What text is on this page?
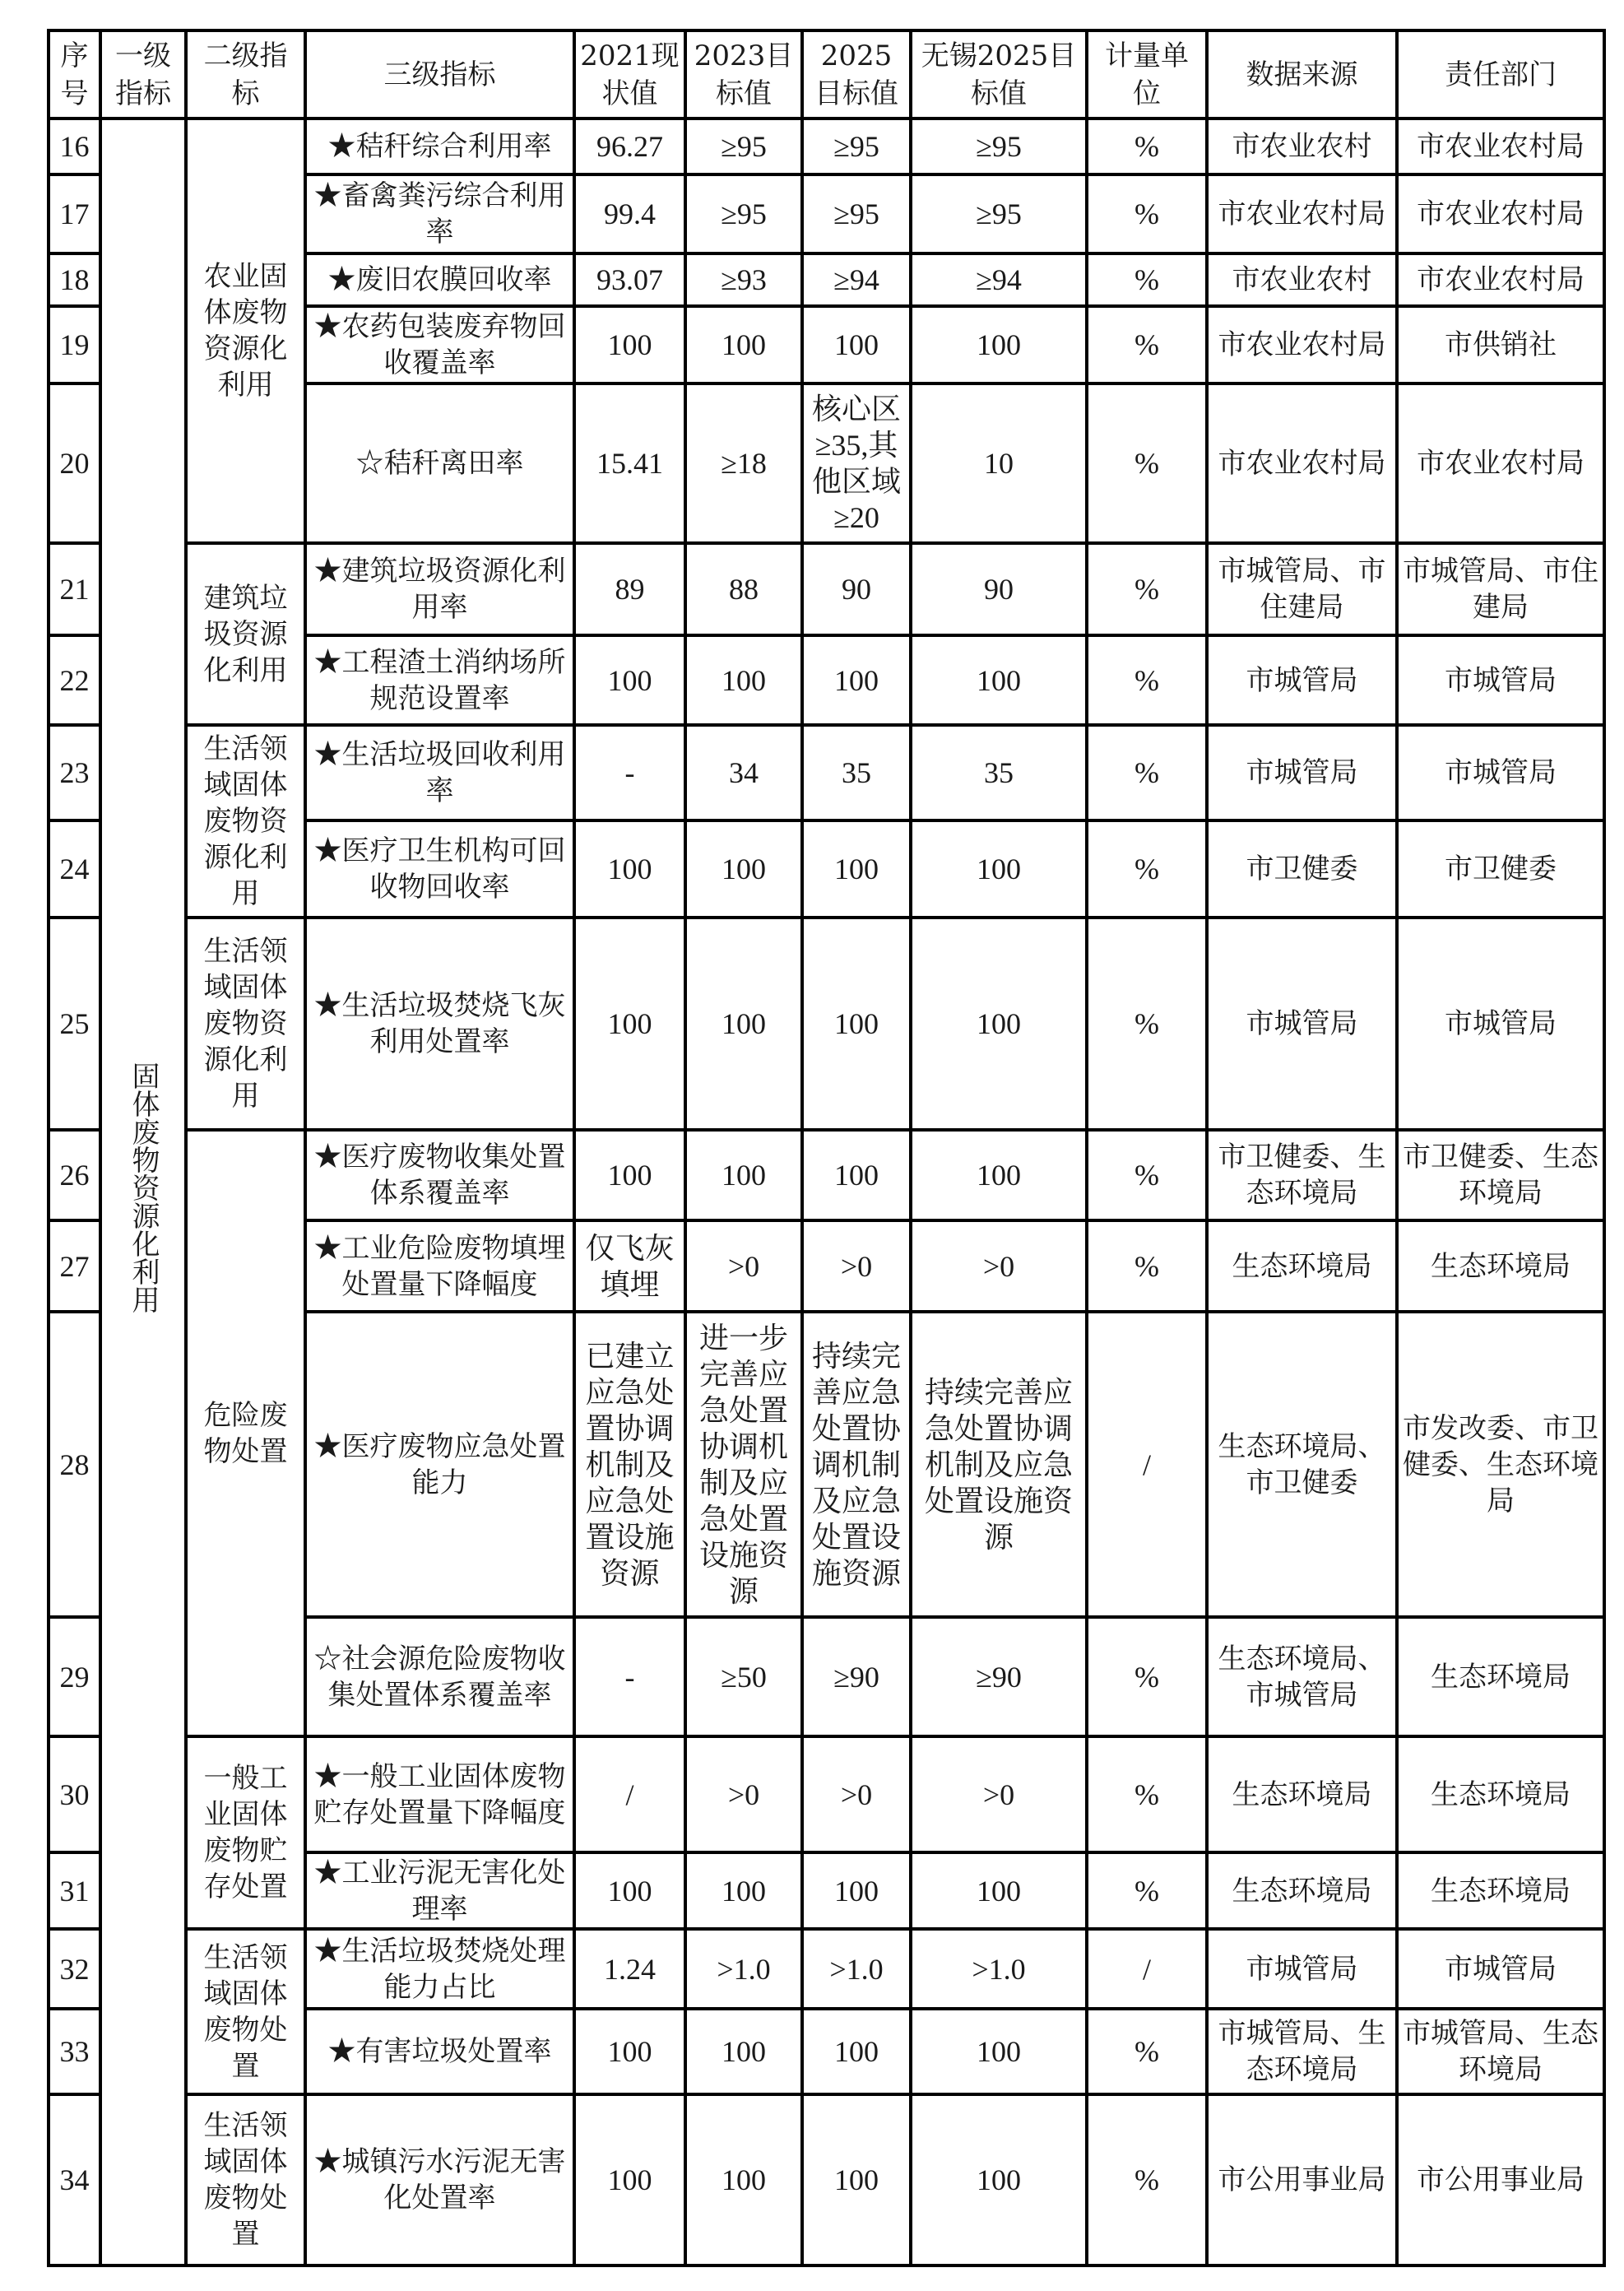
序号	一级指标	二级指标	三级指标	2021现状值	2023目标值	2025目标值	无锡2025目标值	计量单位	数据来源	责任部门
16	固体废物资源化利用	农业固体废物资源化利用	★秸秆综合利用率	96.27	≥95	≥95	≥95	%	市农业农村	市农业农村局
17			★畜禽粪污综合利用率	99.4	≥95	≥95	≥95	%	市农业农村局	市农业农村局
18			★废旧农膜回收率	93.07	≥93	≥94	≥94	%	市农业农村	市农业农村局
19			★农药包装废弃物回收覆盖率	100	100	100	100	%	市农业农村局	市供销社
20			☆秸秆离田率	15.41	≥18	核心区≥35,其他区域≥20	10	%	市农业农村局	市农业农村局
21		建筑垃圾资源化利用	★建筑垃圾资源化利用率	89	88	90	90	%	市城管局、市住建局	市城管局、市住建局
22			★工程渣土消纳场所规范设置率	100	100	100	100	%	市城管局	市城管局
23		生活领域固体废物资源化利用	★生活垃圾回收利用率	-	34	35	35	%	市城管局	市城管局
24			★医疗卫生机构可回收物回收率	100	100	100	100	%	市卫健委	市卫健委
25		生活领域固体废物资源化利用	★生活垃圾焚烧飞灰利用处置率	100	100	100	100	%	市城管局	市城管局
26		危险废物处置	★医疗废物收集处置体系覆盖率	100	100	100	100	%	市卫健委、生态环境局	市卫健委、生态环境局
27			★工业危险废物填埋处置量下降幅度	仅飞灰填埋	>0	>0	>0	%	生态环境局	生态环境局
28			★医疗废物应急处置能力	已建立应急处置协调机制及应急处置设施资源	进一步完善应急处置协调机制及应急处置设施资源	持续完善应急处置协调机制及应急处置设施资源	持续完善应急处置协调机制及应急处置设施资源	/	生态环境局、市卫健委	市发改委、市卫健委、生态环境局
29			☆社会源危险废物收集处置体系覆盖率	-	≥50	≥90	≥90	%	生态环境局、市城管局	生态环境局
30		一般工业固体废物贮存处置	★一般工业固体废物贮存处置量下降幅度	/	>0	>0	>0	%	生态环境局	生态环境局
31			★工业污泥无害化处理率	100	100	100	100	%	生态环境局	生态环境局
32		生活领域固体废物处置	★生活垃圾焚烧处理能力占比	1.24	>1.0	>1.0	>1.0	/	市城管局	市城管局
33			★有害垃圾处置率	100	100	100	100	%	市城管局、生态环境局	市城管局、生态环境局
34		生活领域固体废物处置	★城镇污水污泥无害化处置率	100	100	100	100	%	市公用事业局	市公用事业局
